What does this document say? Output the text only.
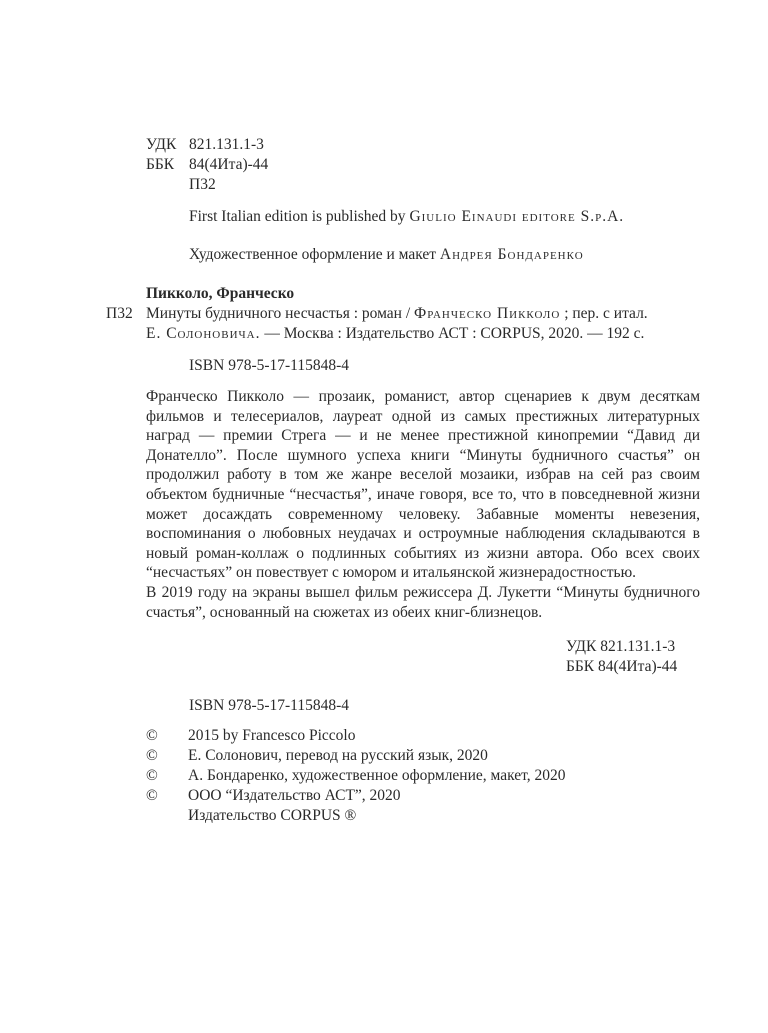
УДК 821.131.1-3
ББК 84(4Ита)-44
П32
First Italian edition is published by Giulio Einaudi editore S.p.A.
Художественное оформление и макет Андрея Бондаренко
Пикколо, Франческо
П32 Минуты будничного несчастья : роман / Франческо Пикколо ; пер. с итал.
Е. Солоновича. — Москва : Издательство АСТ : CORPUS, 2020. — 192 с.
ISBN 978-5-17-115848-4

Франческо Пикколо — прозаик, романист, автор сценариев к двум десяткам фильмов и телесериалов, лауреат одной из самых престижных литературных наград — премии Стрега — и не менее престижной кинопремии “Давид ди Донателло”. После шумного успеха книги “Минуты будничного счастья” он продолжил работу в том же жанре веселой мозаики, избрав на сей раз своим объектом будничные “несчастья”, иначе говоря, все то, что в повседневной жизни может досаждать современному человеку. Забавные моменты невезения, воспоминания о любовных неудачах и остроумные наблюдения складываются в новый роман-коллаж о подлинных событиях из жизни автора. Обо всех своих “несчастьях” он повествует с юмором и итальянской жизнерадостностью.

В 2019 году на экраны вышел фильм режиссера Д. Лукетти “Минуты будничного счастья”, основанный на сюжетах из обеих книг-близнецов.

УДК 821.131.1-3
ББК 84(4Ита)-44
ISBN 978-5-17-115848-4
© 2015 by Francesco Piccolo
© Е. Солонович, перевод на русский язык, 2020
© А. Бондаренко, художественное оформление, макет, 2020
© ООО “Издательство АСТ”, 2020
Издательство CORPUS ®
